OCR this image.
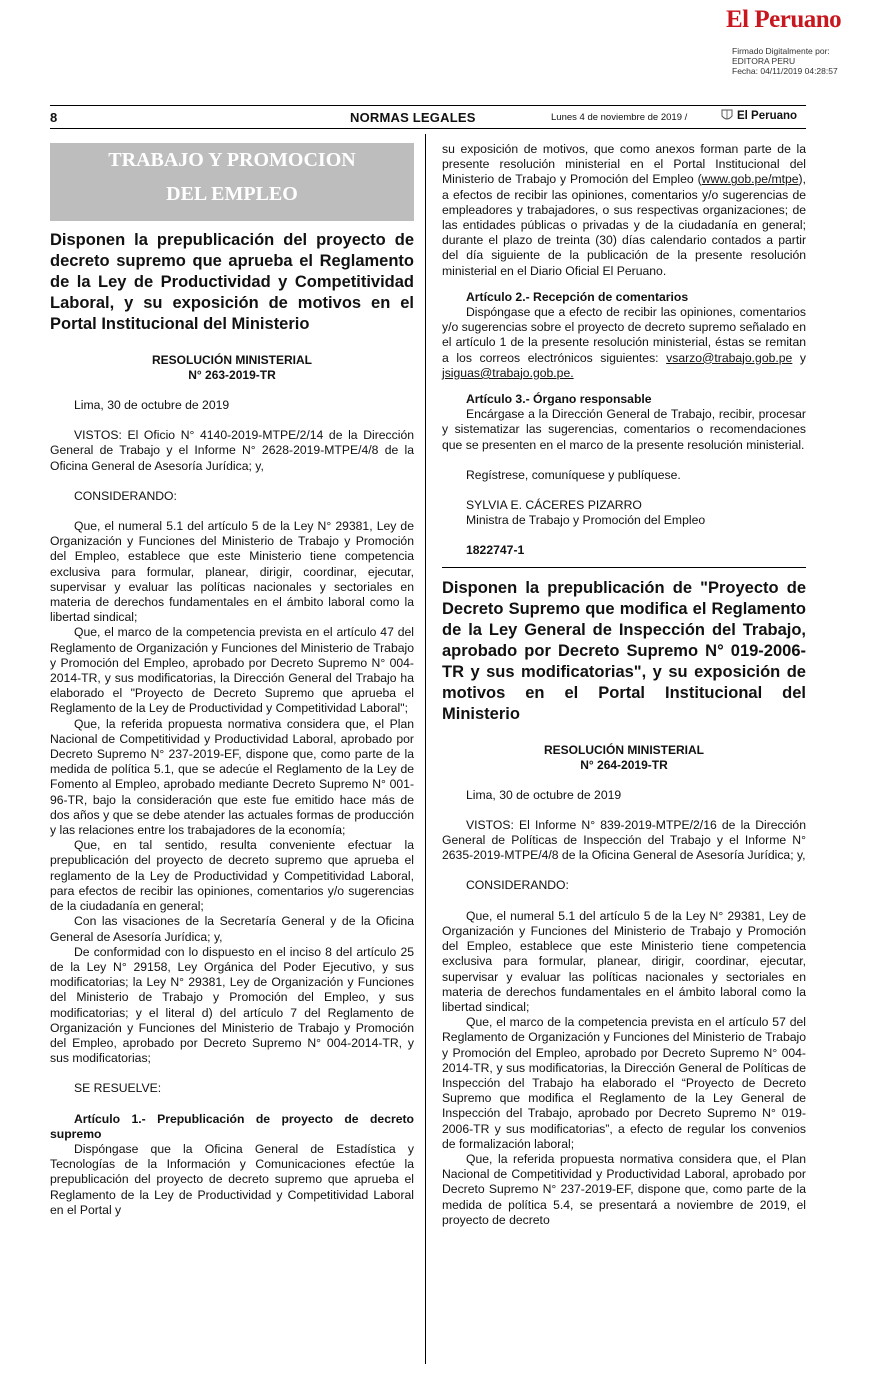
El Peruano
Firmado Digitalmente por:
EDITORA PERU
Fecha: 04/11/2019 04:28:57
8	NORMAS LEGALES	Lunes 4 de noviembre de 2019 /	El Peruano
TRABAJO Y PROMOCION
DEL EMPLEO
Disponen la prepublicación del proyecto de decreto supremo que aprueba el Reglamento de la Ley de Productividad y Competitividad Laboral, y su exposición de motivos en el Portal Institucional del Ministerio
RESOLUCIÓN MINISTERIAL
N° 263-2019-TR

Lima, 30 de octubre de 2019

VISTOS: El Oficio N° 4140-2019-MTPE/2/14 de la Dirección General de Trabajo y el Informe N° 2628-2019-MTPE/4/8 de la Oficina General de Asesoría Jurídica; y,

CONSIDERANDO:

Que, el numeral 5.1 del artículo 5 de la Ley N° 29381, Ley de Organización y Funciones del Ministerio de Trabajo y Promoción del Empleo, establece que este Ministerio tiene competencia exclusiva para formular, planear, dirigir, coordinar, ejecutar, supervisar y evaluar las políticas nacionales y sectoriales en materia de derechos fundamentales en el ámbito laboral como la libertad sindical;

Que, el marco de la competencia prevista en el artículo 47 del Reglamento de Organización y Funciones del Ministerio de Trabajo y Promoción del Empleo, aprobado por Decreto Supremo N° 004-2014-TR, y sus modificatorias, la Dirección General del Trabajo ha elaborado el "Proyecto de Decreto Supremo que aprueba el Reglamento de la Ley de Productividad y Competitividad Laboral";

Que, la referida propuesta normativa considera que, el Plan Nacional de Competitividad y Productividad Laboral, aprobado por Decreto Supremo N° 237-2019-EF, dispone que, como parte de la medida de política 5.1, que se adecúe el Reglamento de la Ley de Fomento al Empleo, aprobado mediante Decreto Supremo N° 001-96-TR, bajo la consideración que este fue emitido hace más de dos años y que se debe atender las actuales formas de producción y las relaciones entre los trabajadores de la economía;

Que, en tal sentido, resulta conveniente efectuar la prepublicación del proyecto de decreto supremo que aprueba el reglamento de la Ley de Productividad y Competitividad Laboral, para efectos de recibir las opiniones, comentarios y/o sugerencias de la ciudadanía en general;

Con las visaciones de la Secretaría General y de la Oficina General de Asesoría Jurídica; y,

De conformidad con lo dispuesto en el inciso 8 del artículo 25 de la Ley N° 29158, Ley Orgánica del Poder Ejecutivo, y sus modificatorias; la Ley N° 29381, Ley de Organización y Funciones del Ministerio de Trabajo y Promoción del Empleo, y sus modificatorias; y el literal d) del artículo 7 del Reglamento de Organización y Funciones del Ministerio de Trabajo y Promoción del Empleo, aprobado por Decreto Supremo N° 004-2014-TR, y sus modificatorias;

SE RESUELVE:

Artículo 1.- Prepublicación de proyecto de decreto supremo

Dispóngase que la Oficina General de Estadística y Tecnologías de la Información y Comunicaciones efectúe la prepublicación del proyecto de decreto supremo que aprueba el Reglamento de la Ley de Productividad y Competitividad Laboral en el Portal y

su exposición de motivos, que como anexos forman parte de la presente resolución ministerial en el Portal Institucional del Ministerio de Trabajo y Promoción del Empleo (www.gob.pe/mtpe), a efectos de recibir las opiniones, comentarios y/o sugerencias de empleadores y trabajadores, o sus respectivas organizaciones; de las entidades públicas o privadas y de la ciudadanía en general; durante el plazo de treinta (30) días calendario contados a partir del día siguiente de la publicación de la presente resolución ministerial en el Diario Oficial El Peruano.

Artículo 2.- Recepción de comentarios

Dispóngase que a efecto de recibir las opiniones, comentarios y/o sugerencias sobre el proyecto de decreto supremo señalado en el artículo 1 de la presente resolución ministerial, éstas se remitan a los correos electrónicos siguientes: vsarzo@trabajo.gob.pe y jsiguas@trabajo.gob.pe.

Artículo 3.- Órgano responsable

Encárgase a la Dirección General de Trabajo, recibir, procesar y sistematizar las sugerencias, comentarios o recomendaciones que se presenten en el marco de la presente resolución ministerial.

Regístrese, comuníquese y publíquese.

SYLVIA E. CÁCERES PIZARRO

Ministra de Trabajo y Promoción del Empleo

1822747-1

Disponen la prepublicación de "Proyecto de Decreto Supremo que modifica el Reglamento de la Ley General de Inspección del Trabajo, aprobado por Decreto Supremo N° 019-2006-TR y sus modificatorias", y su exposición de motivos en el Portal Institucional del Ministerio
RESOLUCIÓN MINISTERIAL
N° 264-2019-TR

Lima, 30 de octubre de 2019

VISTOS: El Informe N° 839-2019-MTPE/2/16 de la Dirección General de Políticas de Inspección del Trabajo y el Informe N° 2635-2019-MTPE/4/8 de la Oficina General de Asesoría Jurídica; y,

CONSIDERANDO:

Que, el numeral 5.1 del artículo 5 de la Ley N° 29381, Ley de Organización y Funciones del Ministerio de Trabajo y Promoción del Empleo, establece que este Ministerio tiene competencia exclusiva para formular, planear, dirigir, coordinar, ejecutar, supervisar y evaluar las políticas nacionales y sectoriales en materia de derechos fundamentales en el ámbito laboral como la libertad sindical;

Que, el marco de la competencia prevista en el artículo 57 del Reglamento de Organización y Funciones del Ministerio de Trabajo y Promoción del Empleo, aprobado por Decreto Supremo N° 004-2014-TR, y sus modificatorias, la Dirección General de Políticas de Inspección del Trabajo ha elaborado el “Proyecto de Decreto Supremo que modifica el Reglamento de la Ley General de Inspección del Trabajo, aprobado por Decreto Supremo N° 019-2006-TR y sus modificatorias”, a efecto de regular los convenios de formalización laboral;

Que, la referida propuesta normativa considera que, el Plan Nacional de Competitividad y Productividad Laboral, aprobado por Decreto Supremo N° 237-2019-EF, dispone que, como parte de la medida de política 5.4, se presentará a noviembre de 2019, el proyecto de decreto
